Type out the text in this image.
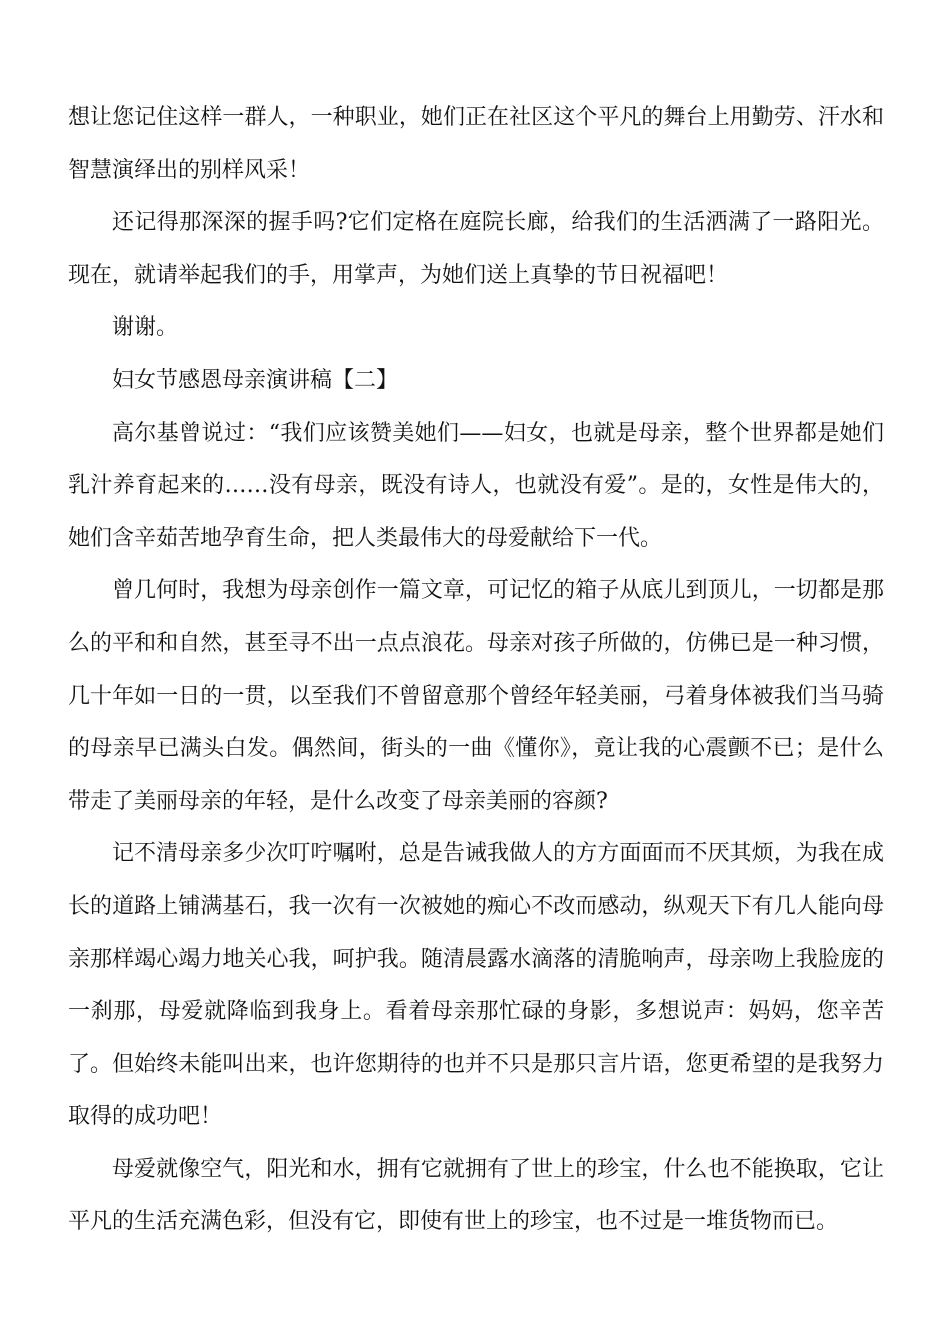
想让您记住这样一群人，一种职业，她们正在社区这个平凡的舞台上用勤劳、汗水和智慧演绎出的别样风采！

还记得那深深的握手吗?它们定格在庭院长廊，给我们的生活洒满了一路阳光。现在，就请举起我们的手，用掌声，为她们送上真挚的节日祝福吧！

谢谢。

妇女节感恩母亲演讲稿【二】

高尔基曾说过：“我们应该赞美她们——妇女，也就是母亲，整个世界都是她们乳汁养育起来的……没有母亲，既没有诗人，也就没有爱”。是的，女性是伟大的，她们含辛茹苦地孕育生命，把人类最伟大的母爱献给下一代。

曾几何时，我想为母亲创作一篇文章，可记忆的箱子从底儿到顶儿，一切都是那么的平和和自然，甚至寻不出一点点浪花。母亲对孩子所做的，仿佛已是一种习惯，几十年如一日的一贯，以至我们不曾留意那个曾经年轻美丽，弓着身体被我们当马骑的母亲早已满头白发。偶然间，街头的一曲《懂你》，竟让我的心震颤不已；是什么带走了美丽母亲的年轻，是什么改变了母亲美丽的容颜?

记不清母亲多少次叮咛嘱咐，总是告诫我做人的方方面面而不厌其烦，为我在成长的道路上铺满基石，我一次有一次被她的痴心不改而感动，纵观天下有几人能向母亲那样竭心竭力地关心我，呵护我。随清晨露水滴落的清脆响声，母亲吻上我脸庞的一刹那，母爱就降临到我身上。看着母亲那忙碌的身影，多想说声：妈妈，您辛苦了。但始终未能叫出来，也许您期待的也并不只是那只言片语，您更希望的是我努力取得的成功吧！

母爱就像空气，阳光和水，拥有它就拥有了世上的珍宝，什么也不能换取，它让平凡的生活充满色彩，但没有它，即使有世上的珍宝，也不过是一堆货物而已。
